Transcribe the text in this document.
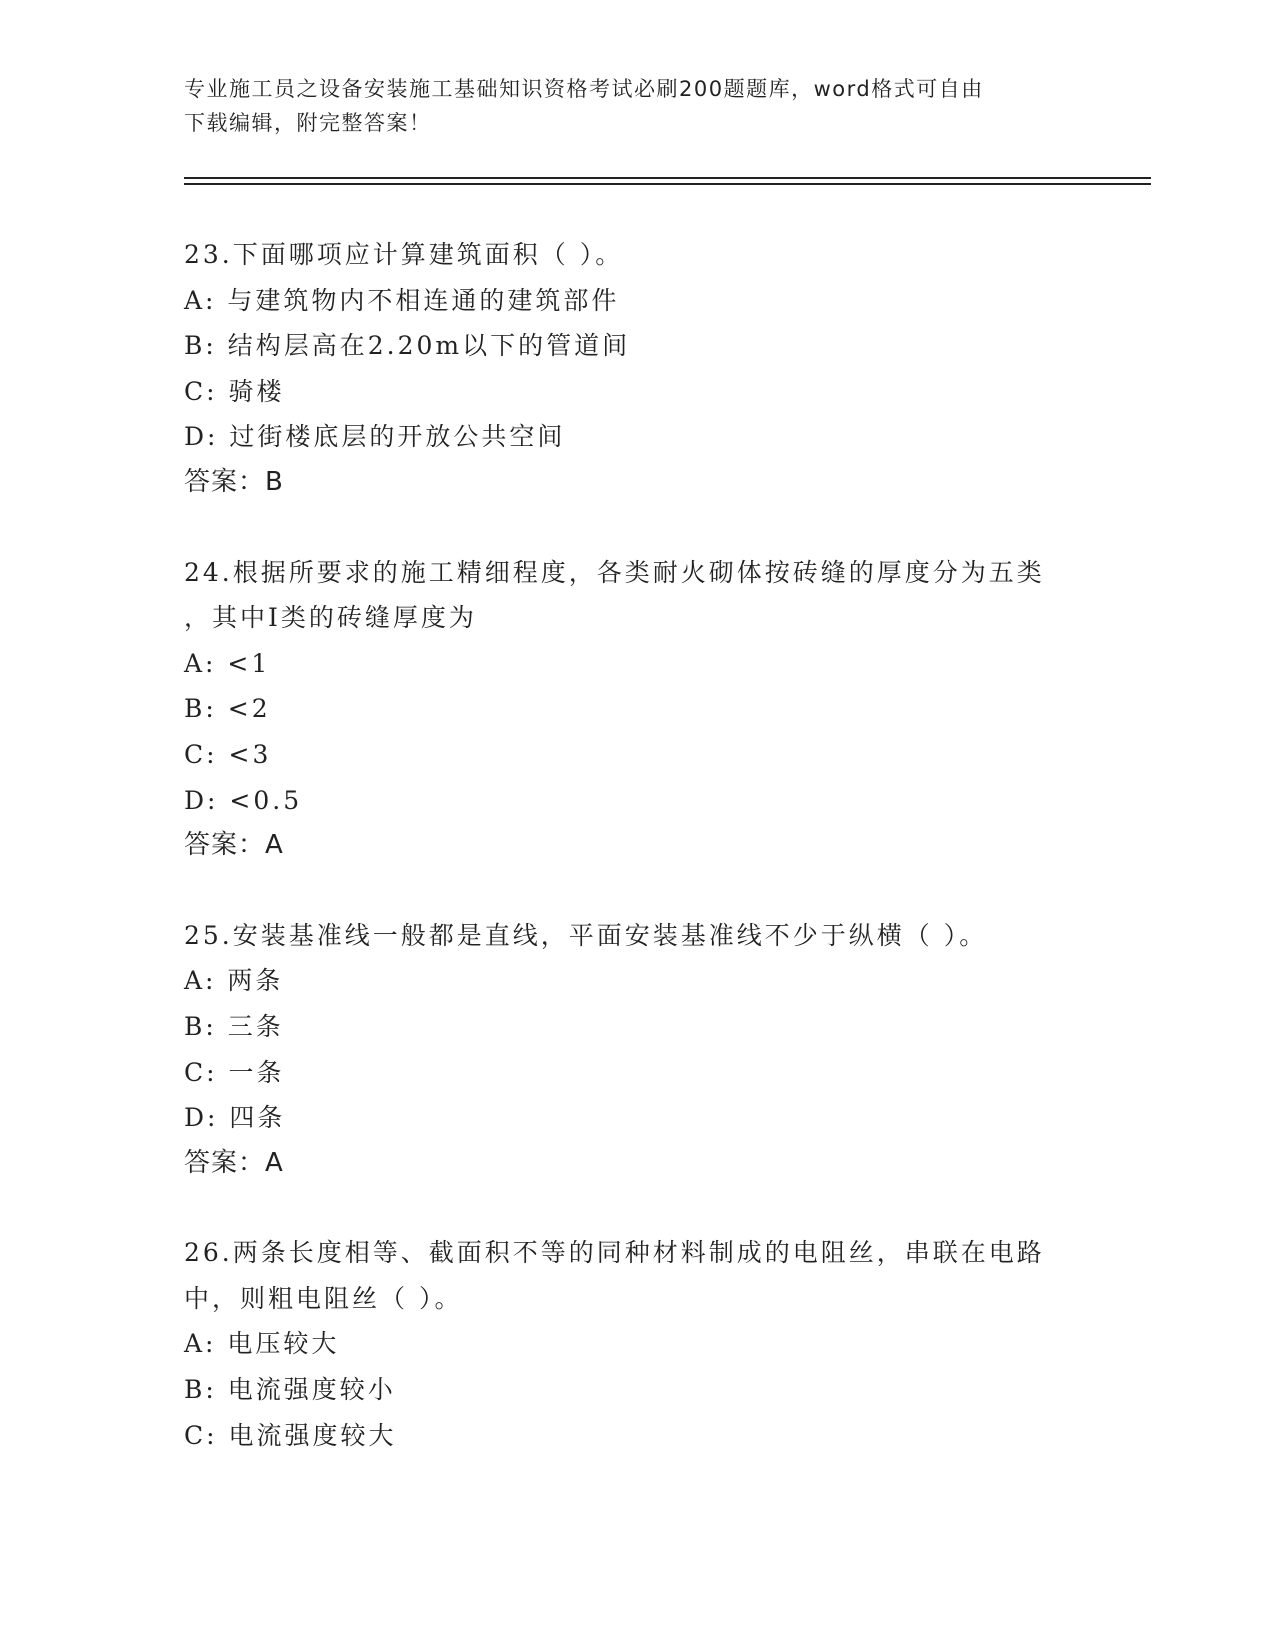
专业施工员之设备安装施工基础知识资格考试必刷200题题库，word格式可自由
下载编辑，附完整答案！
23.下面哪项应计算建筑面积（ ）。
A: 与建筑物内不相连通的建筑部件
B: 结构层高在2.20m以下的管道间
C: 骑楼
D: 过街楼底层的开放公共空间
答案：B
24.根据所要求的施工精细程度，各类耐火砌体按砖缝的厚度分为五类
，其中Ⅰ类的砖缝厚度为
A: <1
B: <2
C: <3
D: <0.5
答案：A
25.安装基准线一般都是直线，平面安装基准线不少于纵横（ ）。
A: 两条
B: 三条
C: 一条
D: 四条
答案：A
26.两条长度相等、截面积不等的同种材料制成的电阻丝，串联在电路
中，则粗电阻丝（ ）。
A: 电压较大
B: 电流强度较小
C: 电流强度较大
